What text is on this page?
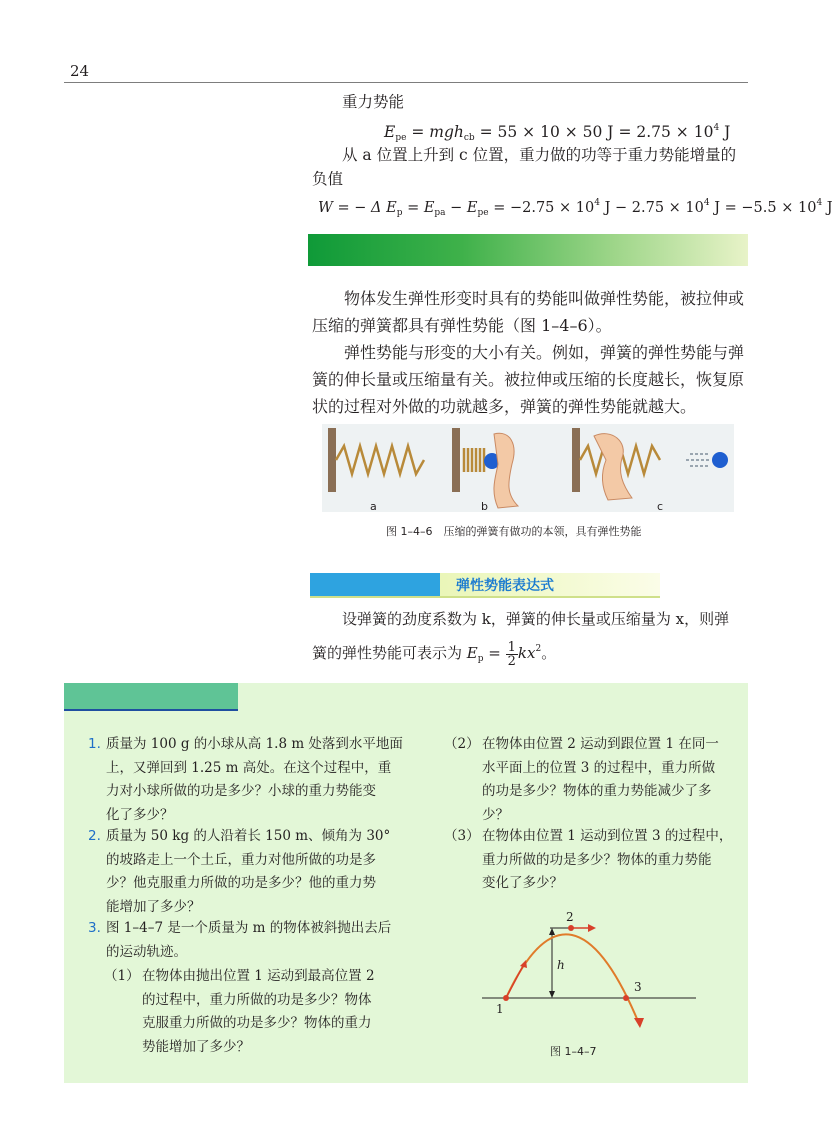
24
重力势能
$E_{pe} = mgh_{cb} = 55 \times 10 \times 50$ $J = 2.75 \times 10^4$ J
从 a 位置上升到 c 位置，重力做的功等于重力势能增量的
负值
W = − Δ $E_p = E_{pa} - E_{pe} = -2.75 \times 10^4$ $J - 2.75 \times 10^4$ $J = -5.5 \times 10^4$ J
物体发生弹性形变时具有的势能叫做弹性势能，被拉伸或
压缩的弹簧都具有弹性势能（图 1–4–6）。
弹性势能与形变的大小有关。例如，弹簧的弹性势能与弹
簧的伸长量或压缩量有关。被拉伸或压缩的长度越长，恢复原
状的过程对外做的功就越多，弹簧的弹性势能就越大。
a	b	c
图 1–4–6　压缩的弹簧有做功的本领，具有弹性势能
弹性势能表达式
设弹簧的劲度系数为 k，弹簧的伸长量或压缩量为 x，则弹
簧的弹性势能可表示为 $E_p = \frac{1}{2} kx^2$。
1. 质量为 100 g 的小球从高 1.8 m 处落到水平地面
上，又弹回到 1.25 m 高处。在这个过程中，重
力对小球所做的功是多少？小球的重力势能变
化了多少？
2. 质量为 50 kg 的人沿着长 150 m、倾角为 30°
的坡路走上一个土丘，重力对他所做的功是多
少？他克服重力所做的功是多少？他的重力势
能增加了多少？
3. 图 1–4–7 是一个质量为 m 的物体被斜抛出去后
的运动轨迹。
（1） 在物体由抛出位置 1 运动到最高位置 2
的过程中，重力所做的功是多少？物体
克服重力所做的功是多少？物体的重力
势能增加了多少？
（2） 在物体由位置 2 运动到跟位置 1 在同一
水平面上的位置 3 的过程中，重力所做
的功是多少？物体的重力势能减少了多
少？
（3） 在物体由位置 1 运动到位置 3 的过程中，
重力所做的功是多少？物体的重力势能
变化了多少？
1
2
3
h
图 1–4–7
